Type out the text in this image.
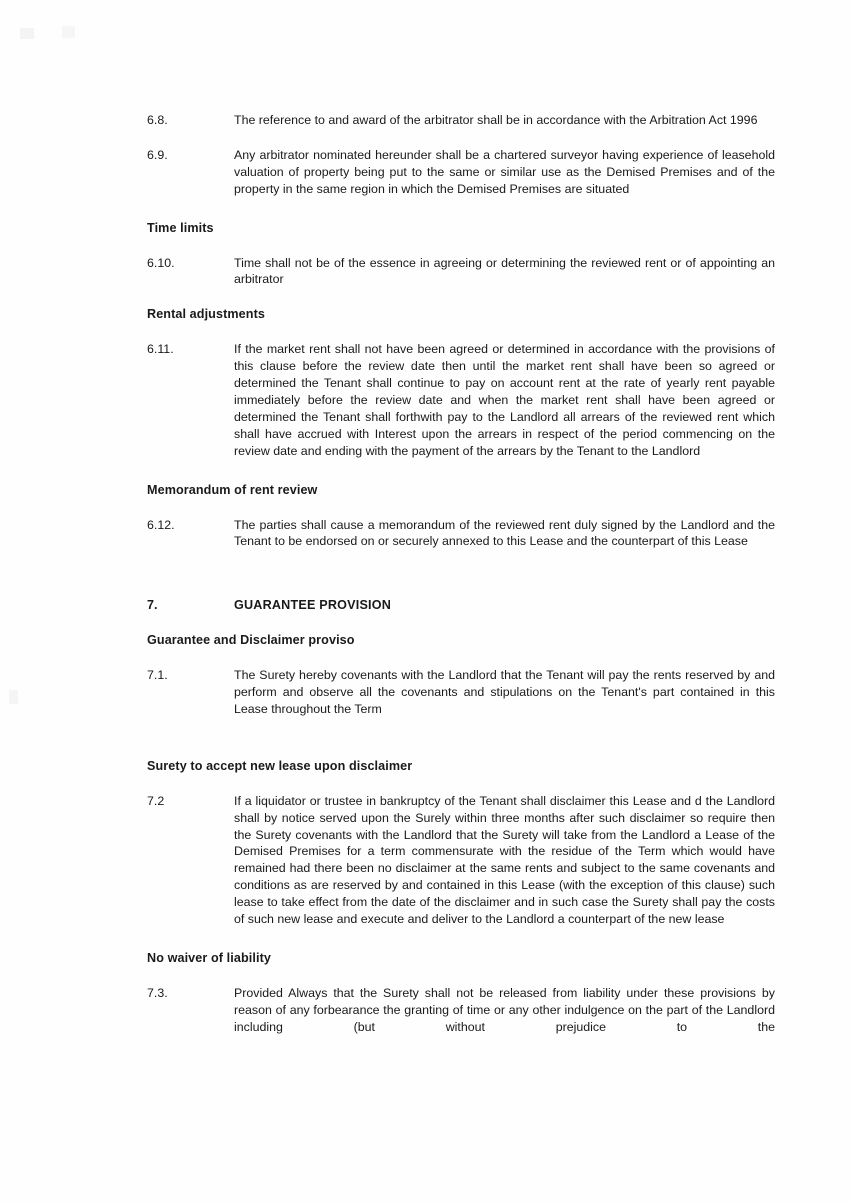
6.8.	The reference to and award of the arbitrator shall be in accordance with the Arbitration Act 1996
6.9.	Any arbitrator nominated hereunder shall be a chartered surveyor having experience of leasehold valuation of property being put to the same or similar use as the Demised Premises and of the property in the same region in which the Demised Premises are situated
Time limits
6.10.	Time shall not be of the essence in agreeing or determining the reviewed rent or of appointing an arbitrator
Rental adjustments
6.11.	If the market rent shall not have been agreed or determined in accordance with the provisions of this clause before the review date then until the market rent shall have been so agreed or determined the Tenant shall continue to pay on account rent at the rate of yearly rent payable immediately before the review date and when the market rent shall have been agreed or determined the Tenant shall forthwith pay to the Landlord all arrears of the reviewed rent which shall have accrued with Interest upon the arrears in respect of the period commencing on the review date and ending with the payment of the arrears by the Tenant to the Landlord
Memorandum of rent review
6.12.	The parties shall cause a memorandum of the reviewed rent duly signed by the Landlord and the Tenant to be endorsed on or securely annexed to this Lease and the counterpart of this Lease
7.	GUARANTEE PROVISION
Guarantee and Disclaimer proviso
7.1.	The Surety hereby covenants with the Landlord that the Tenant will pay the rents reserved by and perform and observe all the covenants and stipulations on the Tenant's part contained in this Lease throughout the Term
Surety to accept new lease upon disclaimer
7.2	If a liquidator or trustee in bankruptcy of the Tenant shall disclaimer this Lease and d the Landlord shall by notice served upon the Surely within three months after such disclaimer so require then the Surety covenants with the Landlord that the Surety will take from the Landlord a Lease of the Demised Premises for a term commensurate with the residue of the Term which would have remained had there been no disclaimer at the same rents and subject to the same covenants and conditions as are reserved by and contained in this Lease (with the exception of this clause) such lease to take effect from the date of the disclaimer and in such case the Surety shall pay the costs of such new lease and execute and deliver to the Landlord a counterpart of the new lease
No waiver of liability
7.3.	Provided Always that the Surety shall not be released from liability under these provisions by reason of any forbearance the granting of time or any other indulgence on the part of the Landlord including (but without prejudice to the
